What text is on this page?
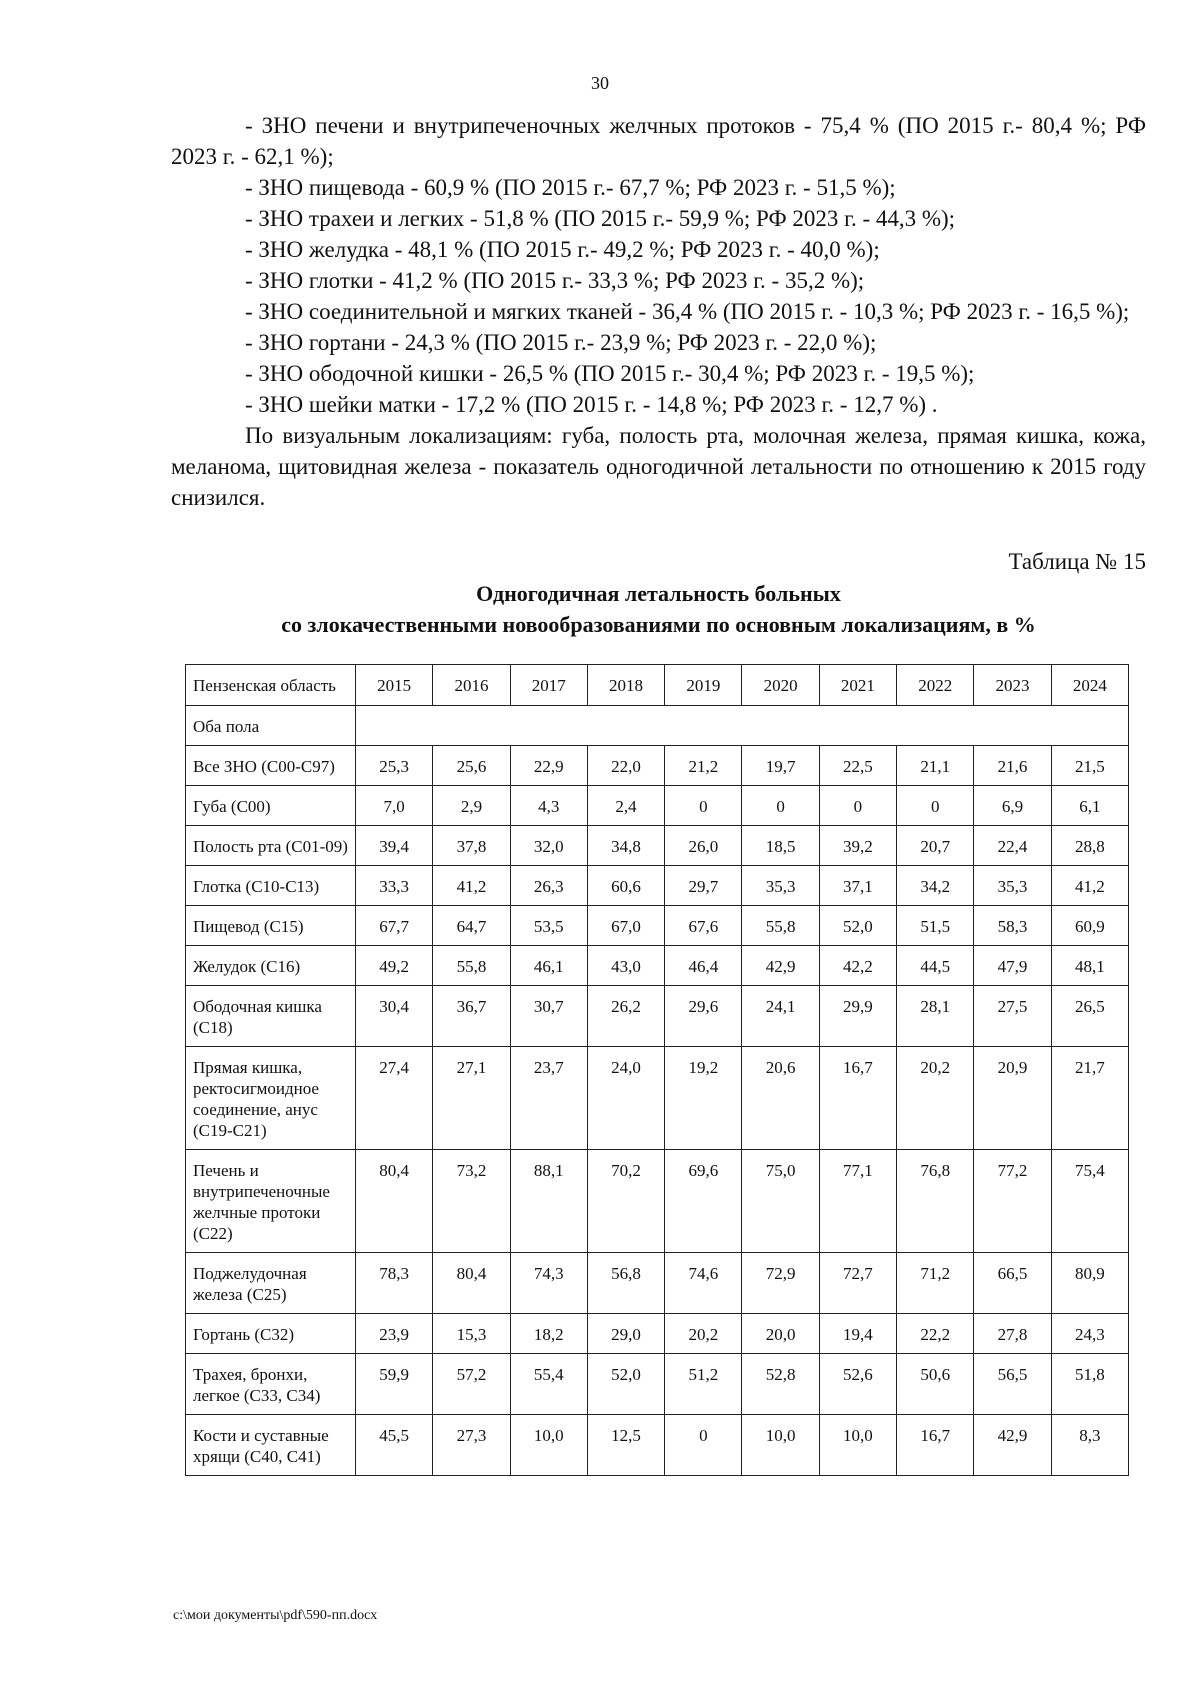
30

- ЗНО печени и внутрипеченочных желчных протоков - 75,4 % (ПО 2015 г.- 80,4 %; РФ 2023 г. - 62,1 %);

- ЗНО пищевода - 60,9 % (ПО 2015 г.- 67,7 %; РФ 2023 г. - 51,5 %);

- ЗНО трахеи и легких - 51,8 % (ПО 2015 г.- 59,9 %; РФ 2023 г. - 44,3 %);

- ЗНО желудка - 48,1 % (ПО 2015 г.- 49,2 %; РФ 2023 г. - 40,0 %);

- ЗНО глотки - 41,2 % (ПО 2015 г.- 33,3 %; РФ 2023 г. - 35,2 %);

- ЗНО соединительной и мягких тканей - 36,4 % (ПО 2015 г. - 10,3 %; РФ 2023 г. - 16,5 %);

- ЗНО гортани - 24,3 % (ПО 2015 г.- 23,9 %; РФ 2023 г. - 22,0 %);

- ЗНО ободочной кишки - 26,5 % (ПО 2015 г.- 30,4 %; РФ 2023 г. - 19,5 %);

- ЗНО шейки матки - 17,2 % (ПО 2015 г. - 14,8 %; РФ 2023 г. - 12,7 %) .

По визуальным локализациям: губа, полость рта, молочная железа, прямая кишка, кожа, меланома, щитовидная железа - показатель одногодичной летальности по отношению к 2015 году снизился.

Таблица № 15
Одногодичная летальность больных
со злокачественными новообразованиями по основным локализациям, в %
Пензенская область	2015	2016	2017	2018	2019	2020	2021	2022	2023	2024
Оба пола										
Все ЗНО (С00-С97)	25,3	25,6	22,9	22,0	21,2	19,7	22,5	21,1	21,6	21,5
Губа (С00)	7,0	2,9	4,3	2,4	0	0	0	0	6,9	6,1
Полость рта (С01-09)	39,4	37,8	32,0	34,8	26,0	18,5	39,2	20,7	22,4	28,8
Глотка (С10-С13)	33,3	41,2	26,3	60,6	29,7	35,3	37,1	34,2	35,3	41,2
Пищевод (С15)	67,7	64,7	53,5	67,0	67,6	55,8	52,0	51,5	58,3	60,9
Желудок (С16)	49,2	55,8	46,1	43,0	46,4	42,9	42,2	44,5	47,9	48,1
Ободочная кишка (С18)	30,4	36,7	30,7	26,2	29,6	24,1	29,9	28,1	27,5	26,5
Прямая кишка, ректосигмоидное соединение, анус (С19-С21)	27,4	27,1	23,7	24,0	19,2	20,6	16,7	20,2	20,9	21,7
Печень и внутрипеченочные желчные протоки (С22)	80,4	73,2	88,1	70,2	69,6	75,0	77,1	76,8	77,2	75,4
Поджелудочная железа (С25)	78,3	80,4	74,3	56,8	74,6	72,9	72,7	71,2	66,5	80,9
Гортань (С32)	23,9	15,3	18,2	29,0	20,2	20,0	19,4	22,2	27,8	24,3
Трахея, бронхи, легкое (С33, С34)	59,9	57,2	55,4	52,0	51,2	52,8	52,6	50,6	56,5	51,8
Кости и суставные хрящи (С40, С41)	45,5	27,3	10,0	12,5	0	10,0	10,0	16,7	42,9	8,3
c:\мои документы\pdf\590-пп.docx
